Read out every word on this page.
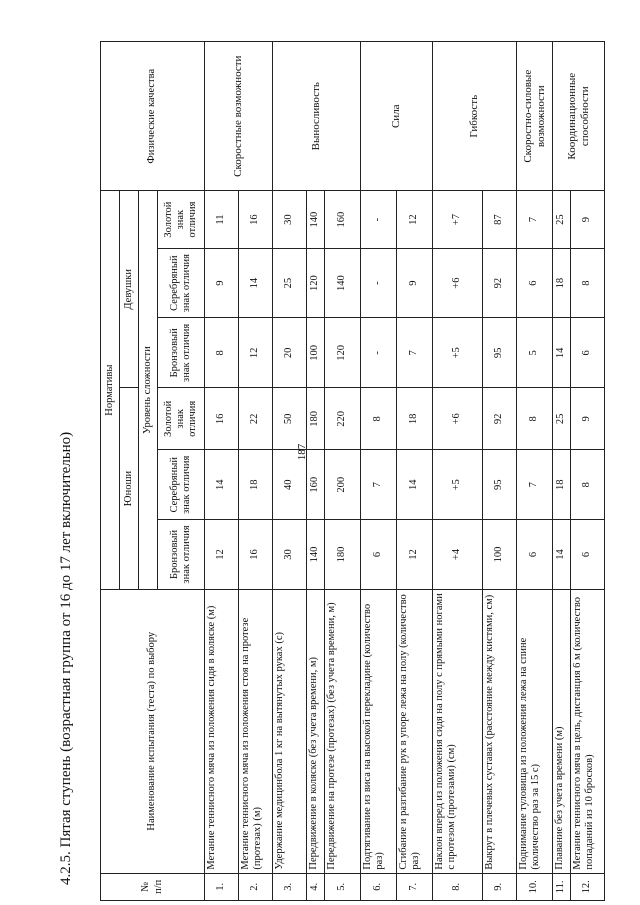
187
4.2.5. Пятая ступень (возрастная группа от 16 до 17 лет включительно)
№ п/п	Наименование испытания (теста) по выбору	Нормативы						Физические качества
		Юноши			Девушки			
		Уровень сложности						
		Бронзовый знак отличия	Серебряный знак отличия	Золотой знак отличия	Бронзовый знак отличия	Серебряный знак отличия	Золотой знак отличия	
1.	Метание теннисного мяча из положения сидя в коляске (м)	12	14	16	8	9	11	Скоростные возможности
2.	Метание теннисного мяча из положения стоя на протезе (протезах) (м)	16	18	22	12	14	16	
3.	Удержание медицинбола 1 кг на вытянутых руках (с)	30	40	50	20	25	30	Выносливость
4.	Передвижение в коляске (без учета времени, м)	140	160	180	100	120	140	
5.	Передвижение на протезе (протезах) (без учета времени, м)	180	200	220	120	140	160	
6.	Подтягивание из виса на высокой перекладине (количество раз)	6	7	8	-	-	-	Сила
7.	Сгибание и разгибание рук в упоре лежа на полу (количество раз)	12	14	18	7	9	12	
8.	Наклон вперед из положения сидя на полу с прямыми ногами с протезом (протезами) (см)	+4	+5	+6	+5	+6	+7	Гибкость
9.	Выкрут в плечевых суставах (расстояние между кистями, см)	100	95	92	95	92	87	
10.	Поднимание туловища из положения лежа на спине (количество раз за 15 с)	6	7	8	5	6	7	Скоростно-силовые возможности
11.	Плавание без учета времени (м)	14	18	25	14	18	25	Координационные способности
12.	Метание теннисного мяча в цель, дистанция 6 м (количество попаданий из 10 бросков)	6	8	9	6	8	9	
